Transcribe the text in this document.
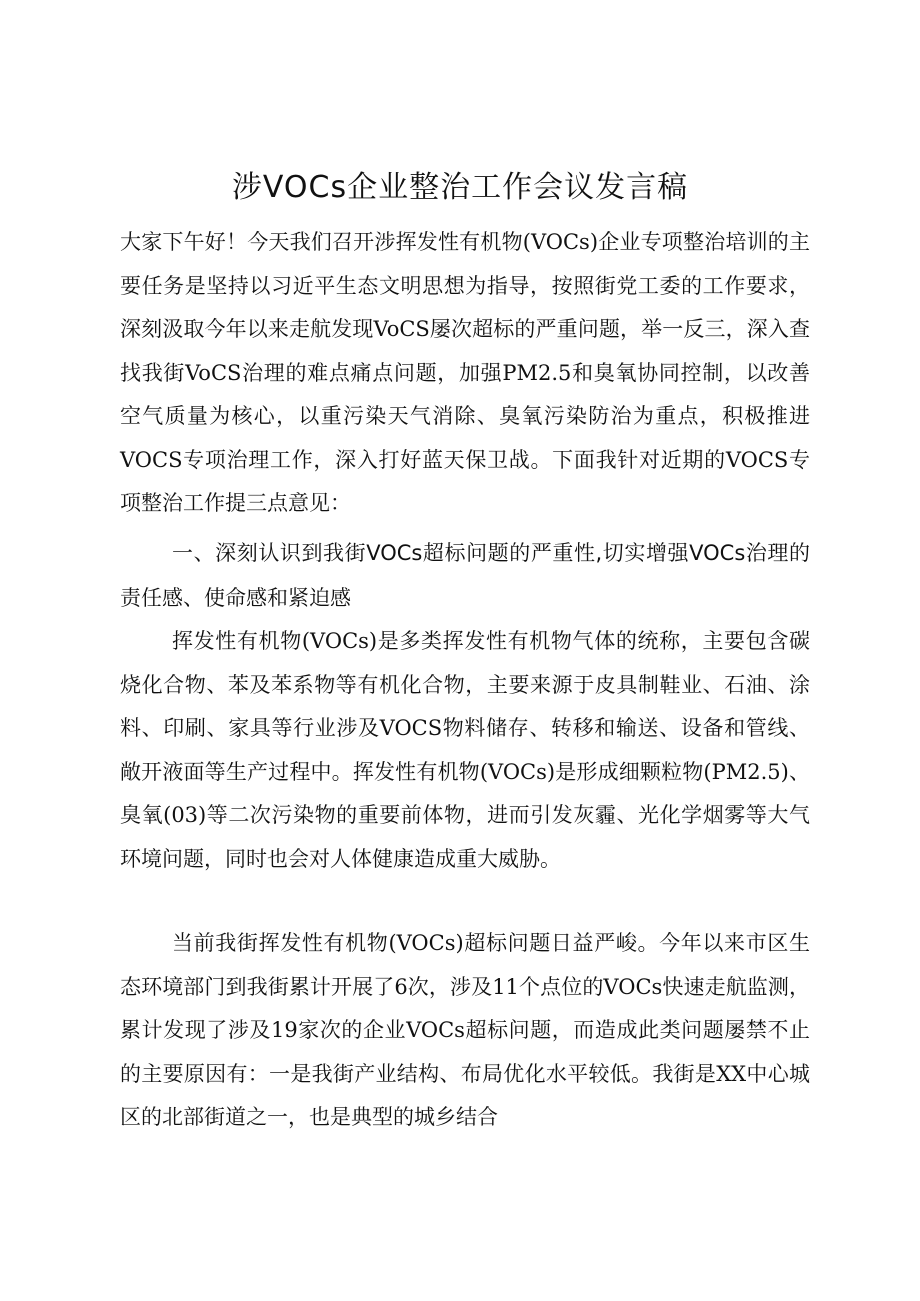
涉VOCs企业整治工作会议发言稿

大家下午好！今天我们召开涉挥发性有机物(VOCs)企业专项整治培训的主要任务是坚持以习近平生态文明思想为指导，按照街党工委的工作要求，深刻汲取今年以来走航发现VoCS屡次超标的严重问题，举一反三，深入查找我街VoCS治理的难点痛点问题，加强PM2.5和臭氧协同控制，以改善空气质量为核心，以重污染天气消除、臭氧污染防治为重点，积极推进VOCS专项治理工作，深入打好蓝天保卫战。下面我针对近期的VOCS专项整治工作提三点意见：

一、深刻认识到我街VOCs超标问题的严重性,切实增强VOCs治理的责任感、使命感和紧迫感

挥发性有机物(VOCs)是多类挥发性有机物气体的统称，主要包含碳烧化合物、苯及苯系物等有机化合物，主要来源于皮具制鞋业、石油、涂料、印刷、家具等行业涉及VOCS物料储存、转移和输送、设备和管线、敞开液面等生产过程中。挥发性有机物(VOCs)是形成细颗粒物(PM2.5)、臭氧(03)等二次污染物的重要前体物，进而引发灰霾、光化学烟雾等大气环境问题，同时也会对人体健康造成重大威胁。

当前我街挥发性有机物(VOCs)超标问题日益严峻。今年以来市区生态环境部门到我街累计开展了6次，涉及11个点位的VOCs快速走航监测，累计发现了涉及19家次的企业VOCs超标问题，而造成此类问题屡禁不止的主要原因有：一是我街产业结构、布局优化水平较低。我街是XX中心城区的北部街道之一，也是典型的城乡结合
